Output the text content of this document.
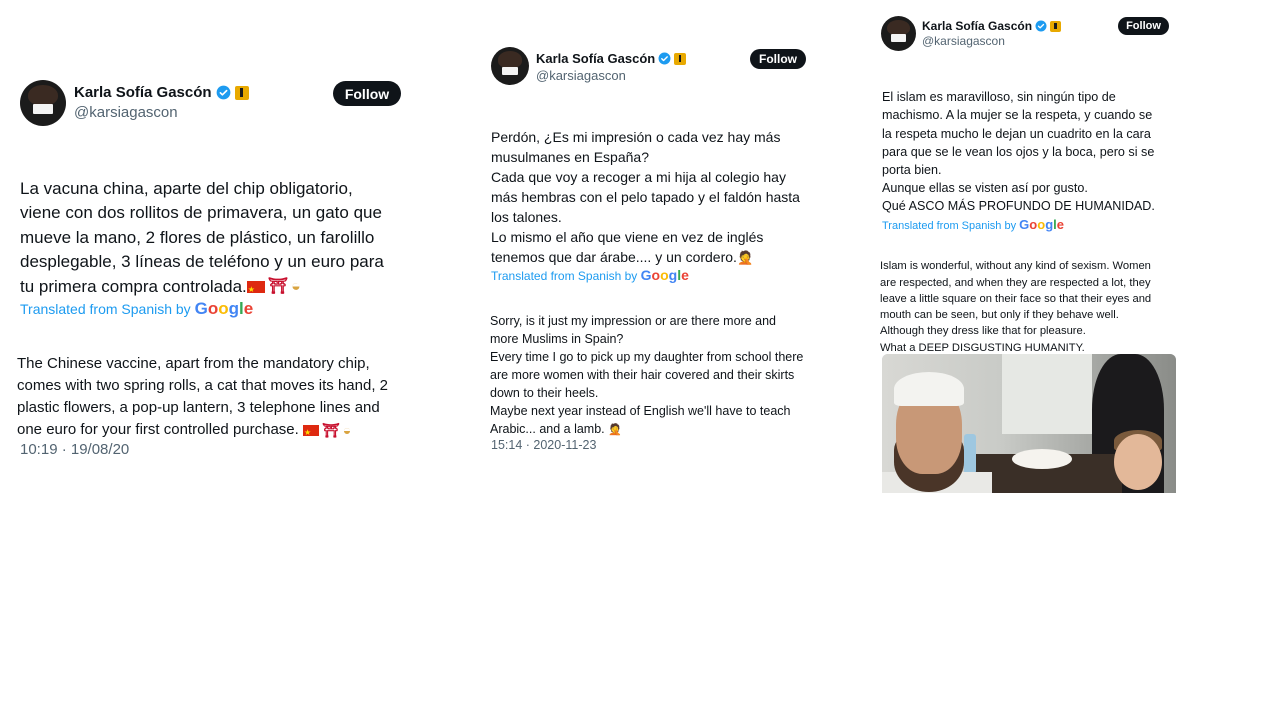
Karla Sofía Gascón
@karsiagascon
Follow

La vacuna china, aparte del chip obligatorio,
viene con dos rollitos de primavera, un gato que
mueve la mano, 2 flores de plástico, un farolillo
desplegable, 3 líneas de teléfono y un euro para
tu primera compra controlada. ★ ⛩ ◒

Translated from Spanish by Google

The Chinese vaccine, apart from the mandatory chip,
comes with two spring rolls, a cat that moves its hand, 2
plastic flowers, a pop-up lantern, 3 telephone lines and
one euro for your first controlled purchase. ★ ⛩ ◒

10:19 · 19/08/20
Karla Sofía Gascón
@karsiagascon
Follow

Perdón, ¿Es mi impresión o cada vez hay más
musulmanes en España?
Cada que voy a recoger a mi hija al colegio hay
más hembras con el pelo tapado y el faldón hasta
los talones.
Lo mismo el año que viene en vez de inglés
tenemos que dar árabe.... y un cordero.🤦

Translated from Spanish by Google

Sorry, is it just my impression or are there more and
more Muslims in Spain?
Every time I go to pick up my daughter from school there
are more women with their hair covered and their skirts
down to their heels.
Maybe next year instead of English we'll have to teach
Arabic... and a lamb. 🤦

15:14 · 2020-11-23
Karla Sofía Gascón
@karsiagascon
Follow

El islam es maravilloso, sin ningún tipo de
machismo. A la mujer se la respeta, y cuando se
la respeta mucho le dejan un cuadrito en la cara
para que se le vean los ojos y la boca, pero si se
porta bien.
Aunque ellas se visten así por gusto.
Qué ASCO MÁS PROFUNDO DE HUMANIDAD.

Translated from Spanish by Google

Islam is wonderful, without any kind of sexism. Women
are respected, and when they are respected a lot, they
leave a little square on their face so that their eyes and
mouth can be seen, but only if they behave well.
Although they dress like that for pleasure.
What a DEEP DISGUSTING HUMANITY.
